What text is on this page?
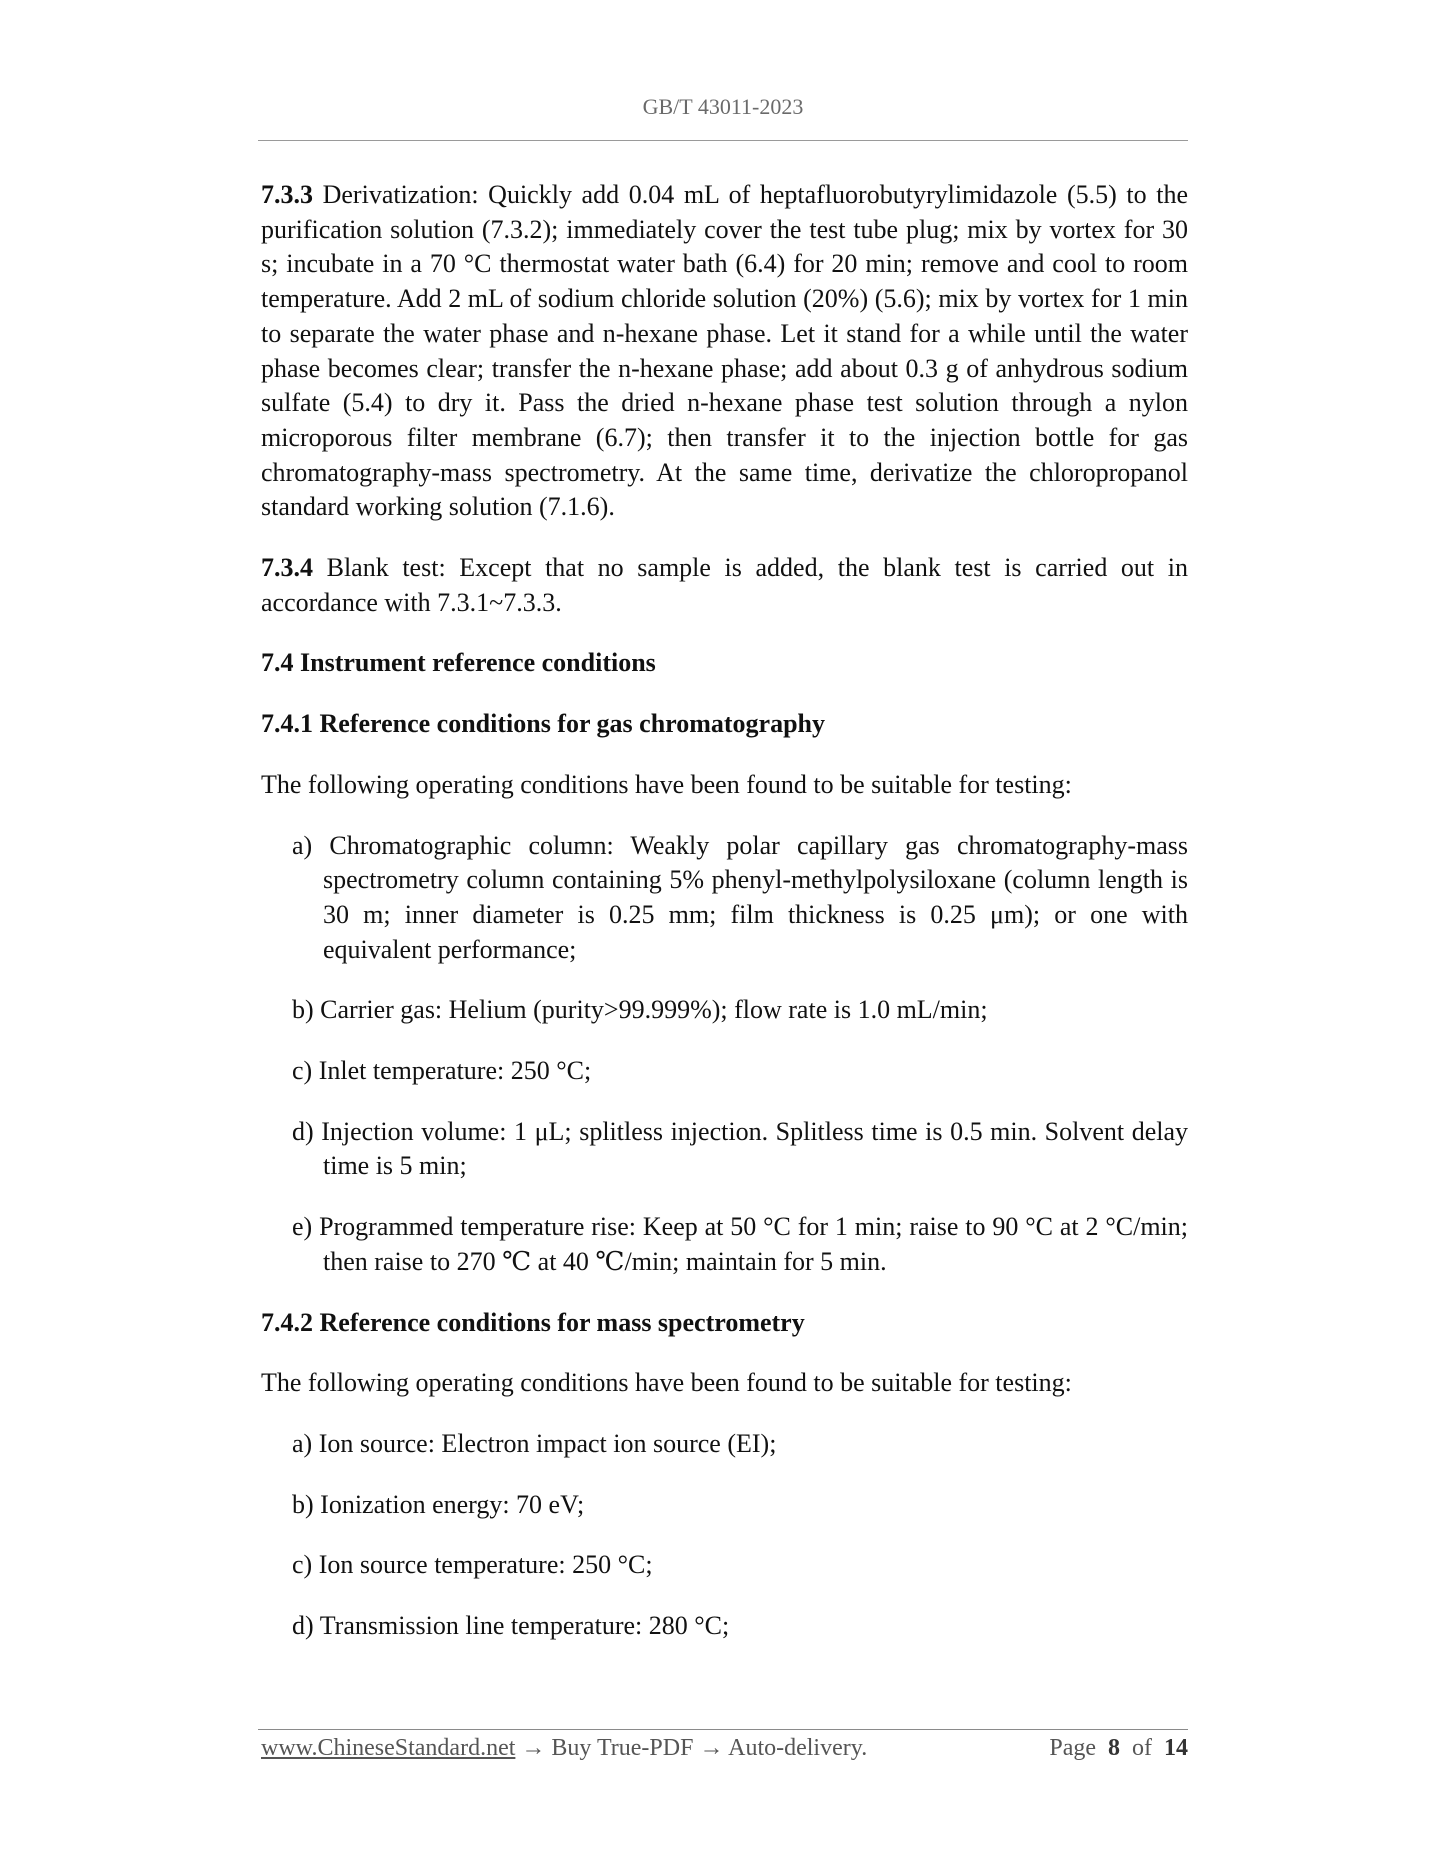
GB/T 43011-2023

7.3.3 Derivatization: Quickly add 0.04 mL of heptafluorobutyrylimidazole (5.5) to the purification solution (7.3.2); immediately cover the test tube plug; mix by vortex for 30 s; incubate in a 70 °C thermostat water bath (6.4) for 20 min; remove and cool to room temperature. Add 2 mL of sodium chloride solution (20%) (5.6); mix by vortex for 1 min to separate the water phase and n-hexane phase. Let it stand for a while until the water phase becomes clear; transfer the n-hexane phase; add about 0.3 g of anhydrous sodium sulfate (5.4) to dry it. Pass the dried n-hexane phase test solution through a nylon microporous filter membrane (6.7); then transfer it to the injection bottle for gas chromatography-mass spectrometry. At the same time, derivatize the chloropropanol standard working solution (7.1.6).

7.3.4 Blank test: Except that no sample is added, the blank test is carried out in accordance with 7.3.1~7.3.3.

7.4 Instrument reference conditions

7.4.1 Reference conditions for gas chromatography

The following operating conditions have been found to be suitable for testing:

a) Chromatographic column: Weakly polar capillary gas chromatography-mass spectrometry column containing 5% phenyl-methylpolysiloxane (column length is 30 m; inner diameter is 0.25 mm; film thickness is 0.25 μm); or one with equivalent performance;

b) Carrier gas: Helium (purity>99.999%); flow rate is 1.0 mL/min;

c) Inlet temperature: 250 °C;

d) Injection volume: 1 μL; splitless injection. Splitless time is 0.5 min. Solvent delay time is 5 min;

e) Programmed temperature rise: Keep at 50 °C for 1 min; raise to 90 °C at 2 °C/min; then raise to 270 ℃ at 40 ℃/min; maintain for 5 min.

7.4.2 Reference conditions for mass spectrometry

The following operating conditions have been found to be suitable for testing:

a) Ion source: Electron impact ion source (EI);

b) Ionization energy: 70 eV;

c) Ion source temperature: 250 °C;

d) Transmission line temperature: 280 °C;

www.ChineseStandard.net → Buy True-PDF → Auto-delivery.	Page 8 of 14
